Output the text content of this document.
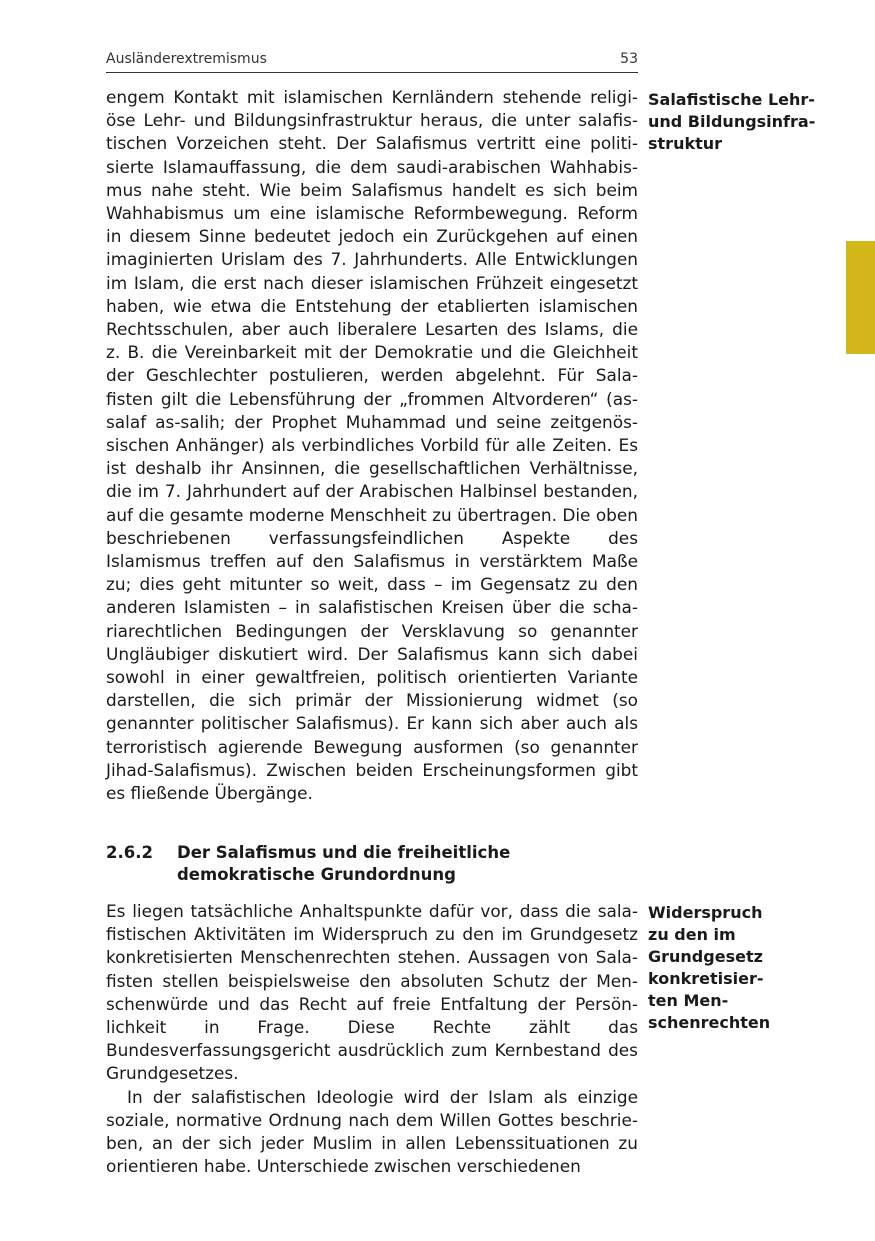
Ausländerextremismus	53

engem Kontakt mit islamischen Kernländern stehende religiöse Lehr- und Bildungsinfrastruktur heraus, die unter salafistischen Vorzeichen steht. Der Salafismus vertritt eine politisierte Islamauffassung, die dem saudi-arabischen Wahhabismus nahe steht. Wie beim Salafismus handelt es sich beim Wahhabismus um eine islamische Reformbewegung. Reform in diesem Sinne bedeutet jedoch ein Zurückgehen auf einen imaginierten Urislam des 7. Jahrhunderts. Alle Entwicklungen im Islam, die erst nach dieser islamischen Frühzeit eingesetzt haben, wie etwa die Entstehung der etablierten islamischen Rechtsschulen, aber auch liberalere Lesarten des Islams, die z. B. die Vereinbarkeit mit der Demokratie und die Gleichheit der Geschlechter postulieren, werden abgelehnt. Für Salafisten gilt die Lebensführung der „frommen Altvorderen“ (as-salaf as-salih; der Prophet Muhammad und seine zeitgenössischen Anhänger) als verbindliches Vorbild für alle Zeiten. Es ist deshalb ihr Ansinnen, die gesellschaftlichen Verhältnisse, die im 7. Jahrhundert auf der Arabischen Halbinsel bestanden, auf die gesamte moderne Menschheit zu übertragen. Die oben beschriebenen verfassungsfeindlichen Aspekte des Islamismus treffen auf den Salafismus in verstärktem Maße zu; dies geht mitunter so weit, dass – im Gegensatz zu den anderen Islamisten – in salafistischen Kreisen über die schariarechtlichen Bedingungen der Versklavung so genannter Ungläubiger diskutiert wird. Der Salafismus kann sich dabei sowohl in einer gewaltfreien, politisch orientierten Variante darstellen, die sich primär der Missionierung widmet (so genannter politischer Salafismus). Er kann sich aber auch als terroristisch agierende Bewegung ausformen (so genannter Jihad-Salafismus). Zwischen beiden Erscheinungsformen gibt es fließende Übergänge.

Salafistische Lehr-
und Bildungsinfra-
struktur
2.6.2 Der Salafismus und die freiheitliche demokratische Grundordnung

Es liegen tatsächliche Anhaltspunkte dafür vor, dass die salafistischen Aktivitäten im Widerspruch zu den im Grundgesetz konkretisierten Menschenrechten stehen. Aussagen von Salafisten stellen beispielsweise den absoluten Schutz der Menschenwürde und das Recht auf freie Entfaltung der Persönlichkeit in Frage. Diese Rechte zählt das Bundesverfassungsgericht ausdrücklich zum Kernbestand des Grundgesetzes.

In der salafistischen Ideologie wird der Islam als einzige soziale, normative Ordnung nach dem Willen Gottes beschrieben, an der sich jeder Muslim in allen Lebenssituationen zu orientieren habe. Unterschiede zwischen verschiedenen

Widerspruch
zu den im
Grundgesetz
konkretisier-
ten Men-
schenrechten
